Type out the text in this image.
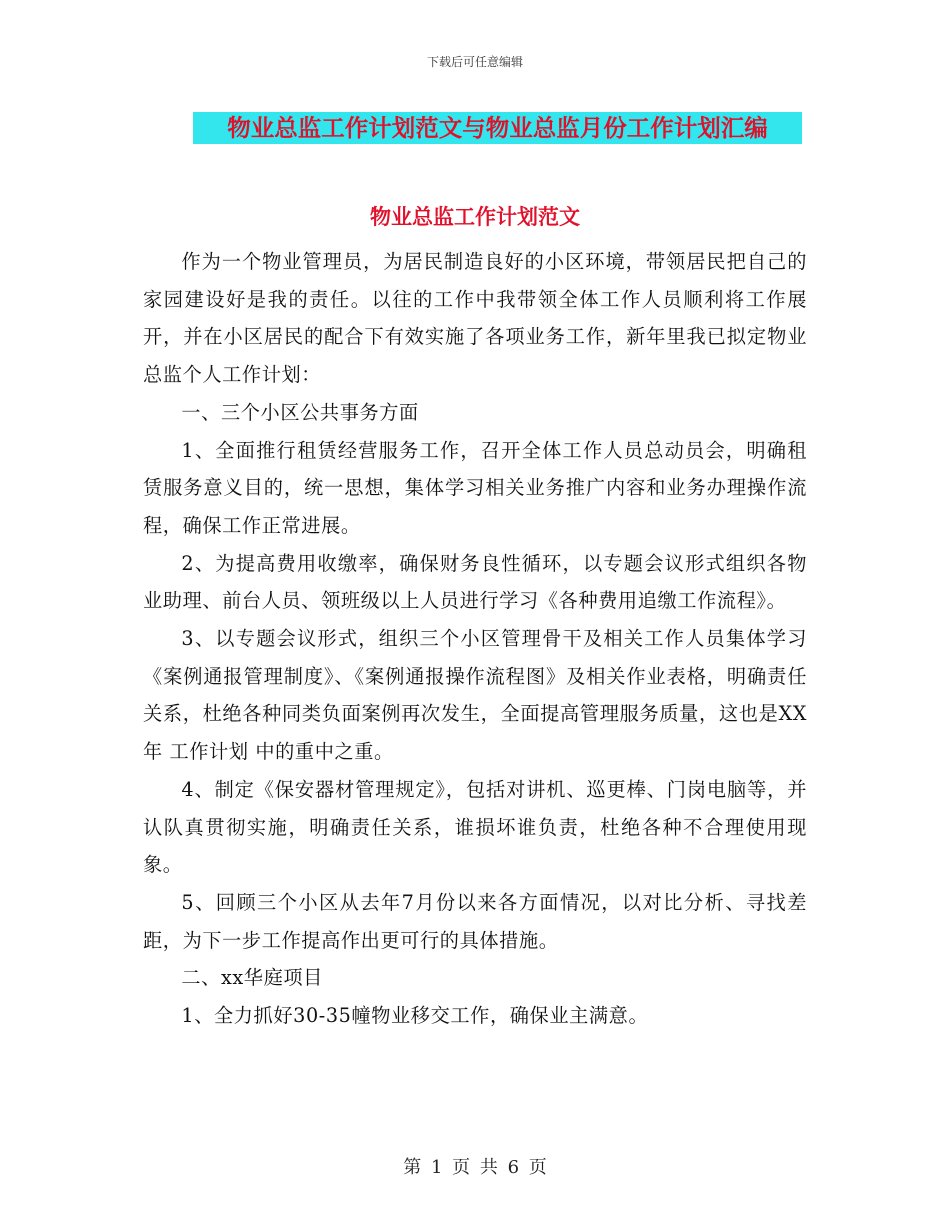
下载后可任意编辑
物业总监工作计划范文与物业总监月份工作计划汇编
物业总监工作计划范文

作为一个物业管理员，为居民制造良好的小区环境，带领居民把自己的家园建设好是我的责任。以往的工作中我带领全体工作人员顺利将工作展开，并在小区居民的配合下有效实施了各项业务工作，新年里我已拟定物业总监个人工作计划：

一、三个小区公共事务方面

1、全面推行租赁经营服务工作，召开全体工作人员总动员会，明确租赁服务意义目的，统一思想，集体学习相关业务推广内容和业务办理操作流程，确保工作正常进展。

2、为提高费用收缴率，确保财务良性循环，以专题会议形式组织各物业助理、前台人员、领班级以上人员进行学习《各种费用追缴工作流程》。

3、以专题会议形式，组织三个小区管理骨干及相关工作人员集体学习《案例通报管理制度》、《案例通报操作流程图》及相关作业表格，明确责任关系，杜绝各种同类负面案例再次发生，全面提高管理服务质量，这也是XX年 工作计划 中的重中之重。

4、制定《保安器材管理规定》，包括对讲机、巡更棒、门岗电脑等，并认队真贯彻实施，明确责任关系，谁损坏谁负责，杜绝各种不合理使用现象。

5、回顾三个小区从去年7月份以来各方面情况，以对比分析、寻找差距，为下一步工作提高作出更可行的具体措施。

二、xx华庭项目

1、全力抓好30-35幢物业移交工作，确保业主满意。

第 1 页 共 6 页
